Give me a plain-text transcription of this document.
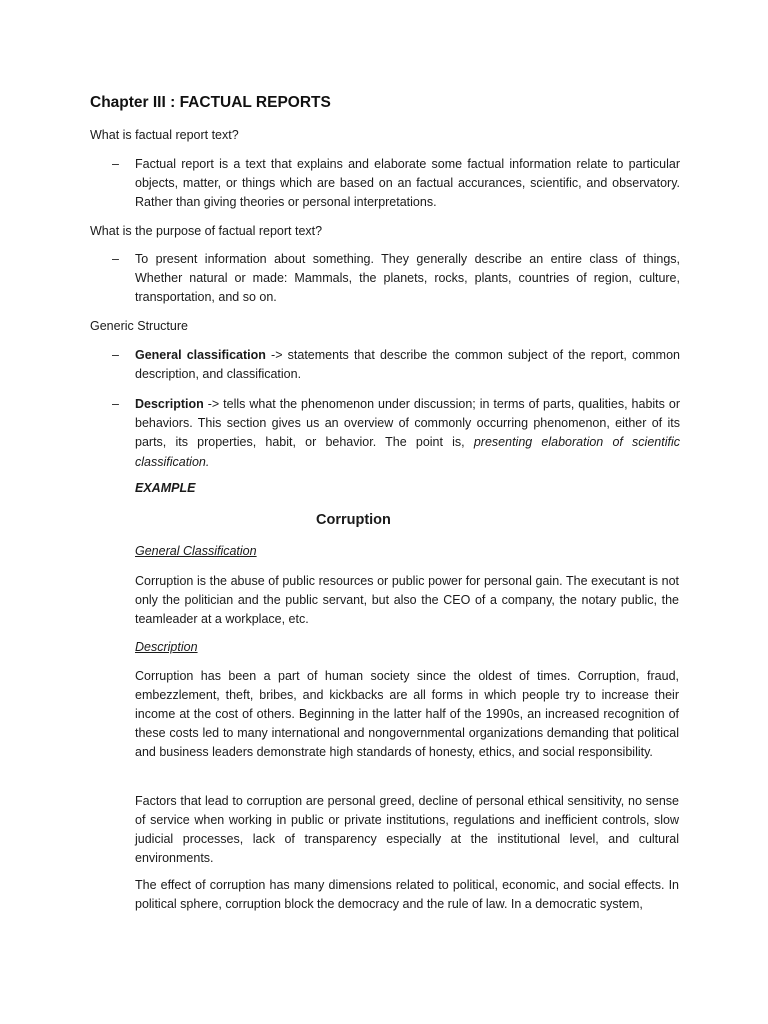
Chapter III : FACTUAL REPORTS
What is factual report text?
– Factual report is a text that explains and elaborate some factual information relate to particular objects, matter, or things which are based on an factual accurances, scientific, and observatory. Rather than giving theories or personal interpretations.
What is the purpose of factual report text?
– To present information about something. They generally describe an entire class of things, Whether natural or made: Mammals, the planets, rocks, plants, countries of region, culture, transportation, and so on.
Generic Structure
– General classification -> statements that describe the common subject of the report, common description, and classification.
– Description -> tells what the phenomenon under discussion; in terms of parts, qualities, habits or behaviors. This section gives us an overview of commonly occurring phenomenon, either of its parts, its properties, habit, or behavior. The point is, presenting elaboration of scientific classification.
EXAMPLE
Corruption
General Classification

Corruption is the abuse of public resources or public power for personal gain. The executant is not only the politician and the public servant, but also the CEO of a company, the notary public, the teamleader at a workplace, etc.

Description

Corruption has been a part of human society since the oldest of times. Corruption, fraud, embezzlement, theft, bribes, and kickbacks are all forms in which people try to increase their income at the cost of others. Beginning in the latter half of the 1990s, an increased recognition of these costs led to many international and nongovernmental organizations demanding that political and business leaders demonstrate high standards of honesty, ethics, and social responsibility.

Factors that lead to corruption are personal greed, decline of personal ethical sensitivity, no sense of service when working in public or private institutions, regulations and inefficient controls, slow judicial processes, lack of transparency especially at the institutional level, and cultural environments.

The effect of corruption has many dimensions related to political, economic, and social effects. In political sphere, corruption block the democracy and the rule of law. In a democratic system,
